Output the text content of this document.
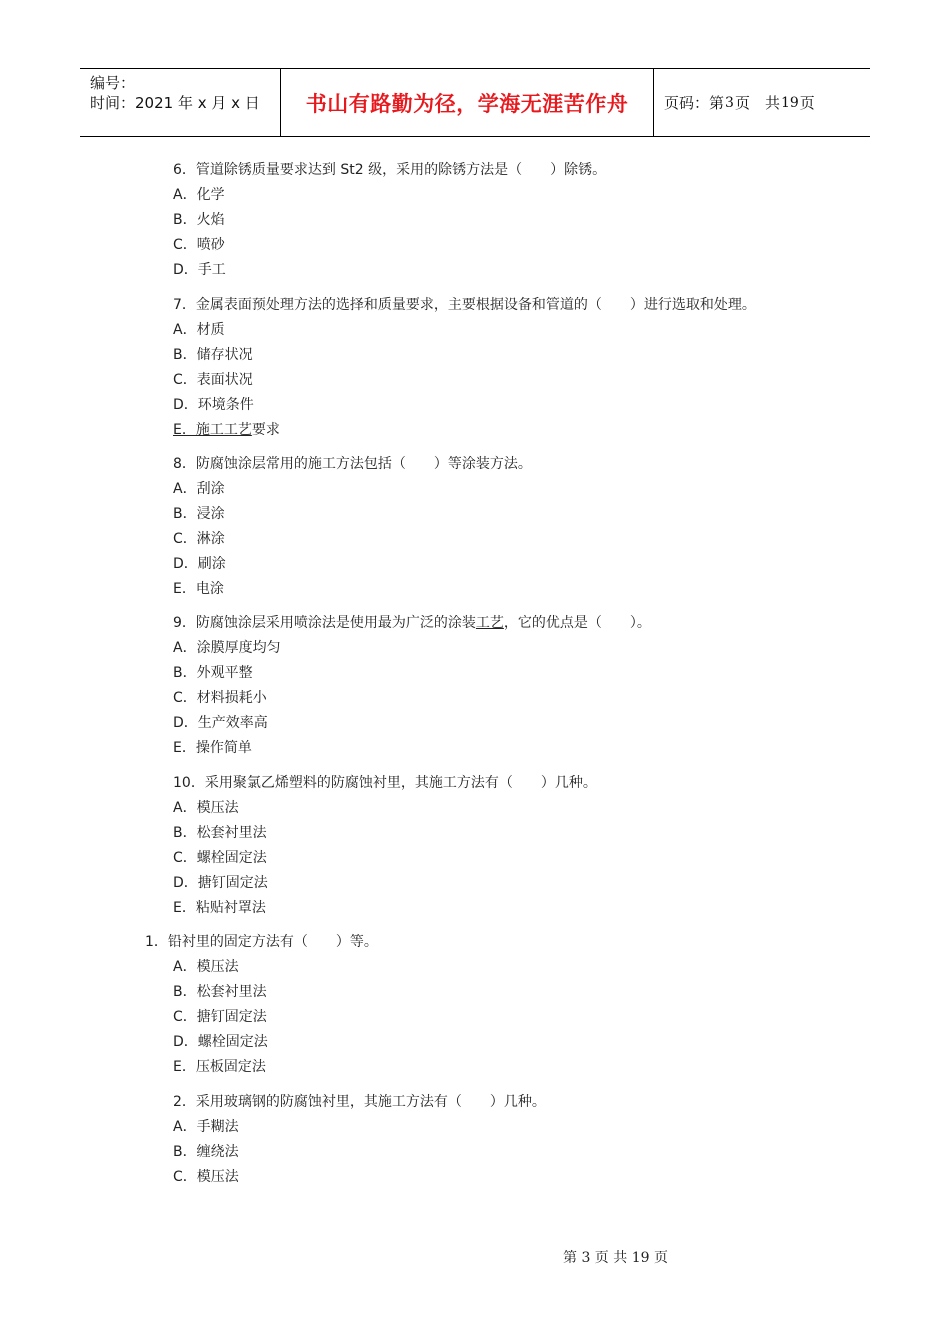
编号：
时间：2021 年 x 月 x 日	书山有路勤为径，学海无涯苦作舟 页码：第 3 页　共 19 页
6．管道除锈质量要求达到 St2 级，采用的除锈方法是（　　）除锈。
A．化学
B．火焰
C．喷砂
D．手工
7．金属表面预处理方法的选择和质量要求，主要根据设备和管道的（　　）进行选取和处理。
A．材质
B．储存状况
C．表面状况
D．环境条件
E．施工工艺要求
8．防腐蚀涂层常用的施工方法包括（　　）等涂装方法。
A．刮涂
B．浸涂
C．淋涂
D．刷涂
E．电涂
9．防腐蚀涂层采用喷涂法是使用最为广泛的涂装工艺，它的优点是（　　）。
A．涂膜厚度均匀
B．外观平整
C．材料损耗小
D．生产效率高
E．操作简单
10．采用聚氯乙烯塑料的防腐蚀衬里，其施工方法有（　　）几种。
A．模压法
B．松套衬里法
C．螺栓固定法
D．搪钉固定法
E．粘贴衬罩法
1．铅衬里的固定方法有（　　）等。
A．模压法
B．松套衬里法
C．搪钉固定法
D．螺栓固定法
E．压板固定法
2．采用玻璃钢的防腐蚀衬里，其施工方法有（　　）几种。
A．手糊法
B．缠绕法
C．模压法
第 3 页 共 19 页
